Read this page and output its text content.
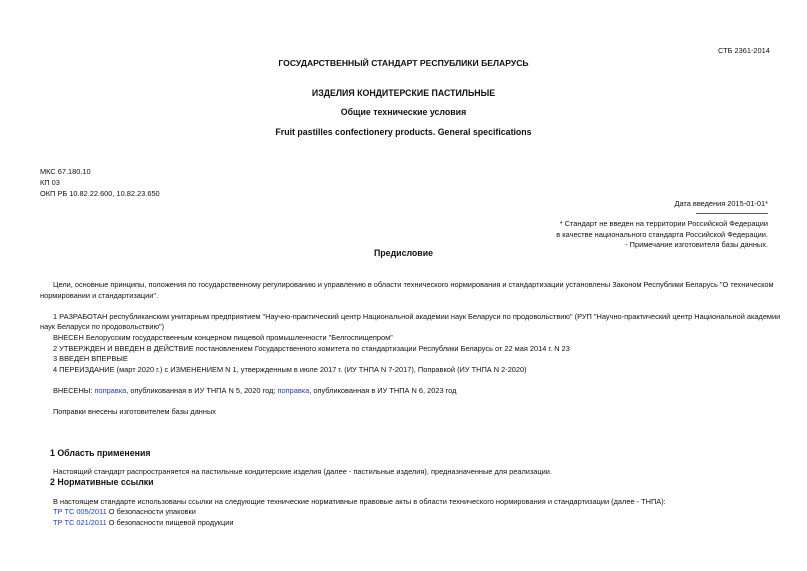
СТБ 2361-2014
ГОСУДАРСТВЕННЫЙ СТАНДАРТ РЕСПУБЛИКИ БЕЛАРУСЬ
ИЗДЕЛИЯ КОНДИТЕРСКИЕ ПАСТИЛЬНЫЕ
Общие технические условия
Fruit pastilles confectionery products. General specifications
МКС 67.180.10
КП 03
ОКП РБ 10.82.22.600, 10.82.23.650
Дата введения 2015-01-01*
* Стандарт не введен на территории Российской Федерации
в качестве национального стандарта Российской Федерации.
- Примечание изготовителя базы данных.
Предисловие
Цели, основные принципы, положения по государственному регулированию и управлению в области технического нормирования и стандартизации установлены Законом Республики Беларусь "О техническом
нормировании и стандартизации".
1 РАЗРАБОТАН республиканским унитарным предприятием "Научно-практический центр Национальной академии наук Беларуси по продовольствию" (РУП "Научно-практический центр Национальной академии
наук Беларуси по продовольствию")
ВНЕСЕН Белорусским государственным концерном пищевой промышленности "Белгоспищепром"
2 УТВЕРЖДЕН И ВВЕДЕН В ДЕЙСТВИЕ постановлением Государственного комитета по стандартизации Республики Беларусь от 22 мая 2014 г. N 23
3 ВВЕДЕН ВПЕРВЫЕ
4 ПЕРЕИЗДАНИЕ (март 2020 г.) с ИЗМЕНЕНИЕМ N 1, утвержденным в июле 2017 г. (ИУ ТНПА N 7-2017), Поправкой (ИУ ТНПА N 2-2020)
ВНЕСЕНЫ: поправка, опубликованная в ИУ ТНПА N 5, 2020 год; поправка, опубликованная в ИУ ТНПА N 6, 2023 год
Поправки внесены изготовителем базы данных
1 Область применения
Настоящий стандарт распространяется на пастильные кондитерские изделия (далее - пастильные изделия), предназначенные для реализации.
2 Нормативные ссылки
В настоящем стандарте использованы ссылки на следующие технические нормативные правовые акты в области технического нормирования и стандартизации (далее - ТНПА):
ТР ТС 005/2011 О безопасности упаковки
ТР ТС 021/2011 О безопасности пищевой продукции
